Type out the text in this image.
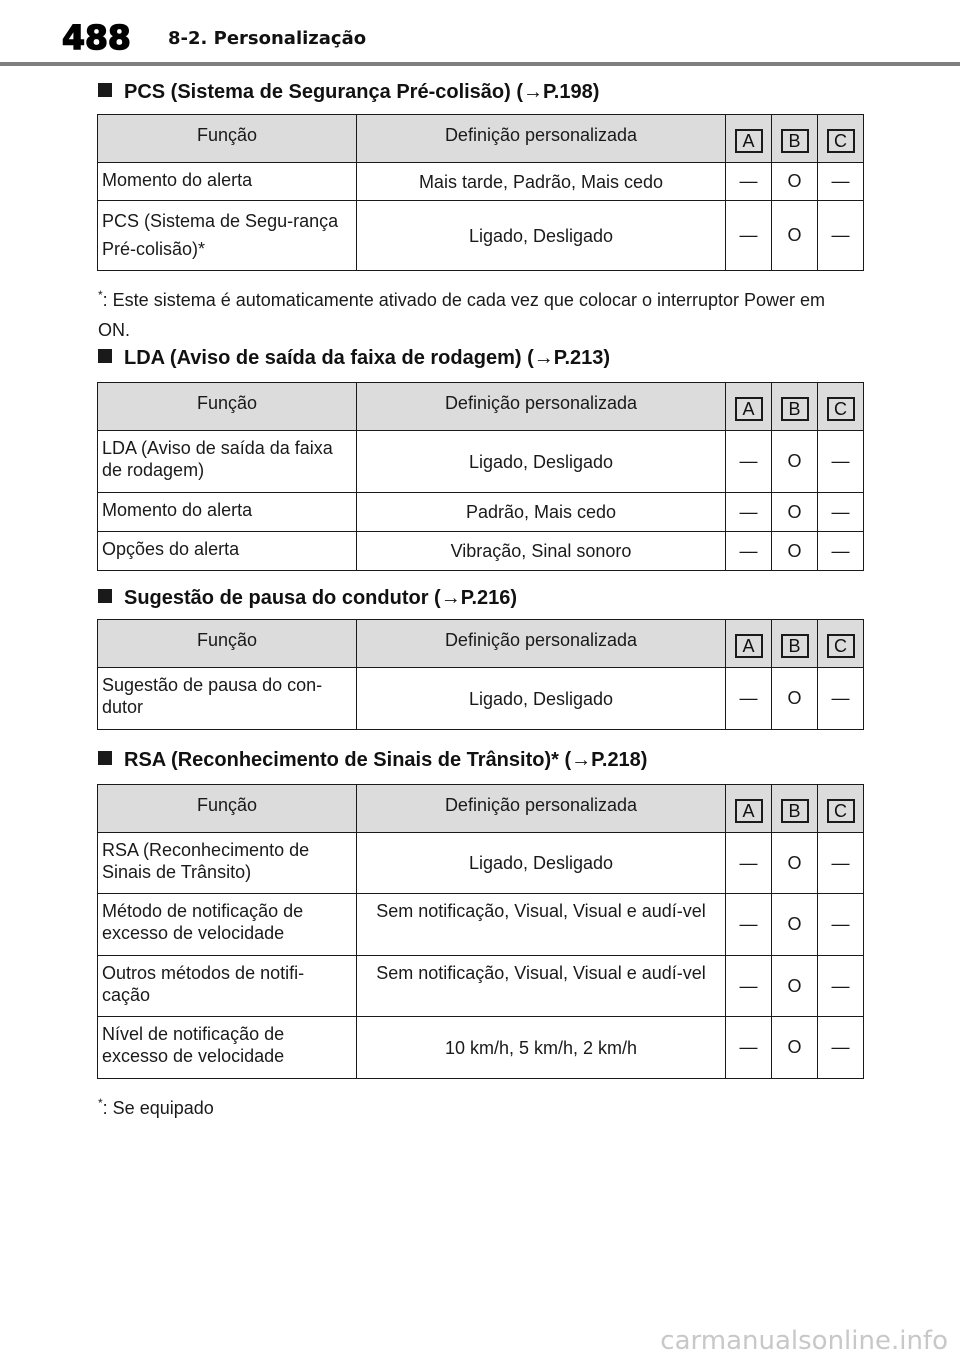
488 8-2. Personalização
PCS (Sistema de Segurança Pré-colisão) (→P.198)
Função	Definição personalizada	A	B	C
Momento do alerta	Mais tarde, Padrão, Mais cedo	—	O	—
PCS (Sistema de Segu-rança Pré-colisão)*	Ligado, Desligado	—	O	—
*: Este sistema é automaticamente ativado de cada vez que colocar o interruptor Power em ON.
LDA (Aviso de saída da faixa de rodagem) (→P.213)
Função	Definição personalizada	A	B	C
LDA (Aviso de saída da faixa de rodagem)	Ligado, Desligado	—	O	—
Momento do alerta	Padrão, Mais cedo	—	O	—
Opções do alerta	Vibração, Sinal sonoro	—	O	—
Sugestão de pausa do condutor (→P.216)
Função	Definição personalizada	A	B	C
Sugestão de pausa do con-dutor	Ligado, Desligado	—	O	—
RSA (Reconhecimento de Sinais de Trânsito)* (→P.218)
Função	Definição personalizada	A	B	C
RSA (Reconhecimento de Sinais de Trânsito)	Ligado, Desligado	—	O	—
Método de notificação de excesso de velocidade	Sem notificação, Visual, Visual e audí-vel	—	O	—
Outros métodos de notifi-cação	Sem notificação, Visual, Visual e audí-vel	—	O	—
Nível de notificação de excesso de velocidade	10 km/h, 5 km/h, 2 km/h	—	O	—
*: Se equipado
carmanualsonline.info
